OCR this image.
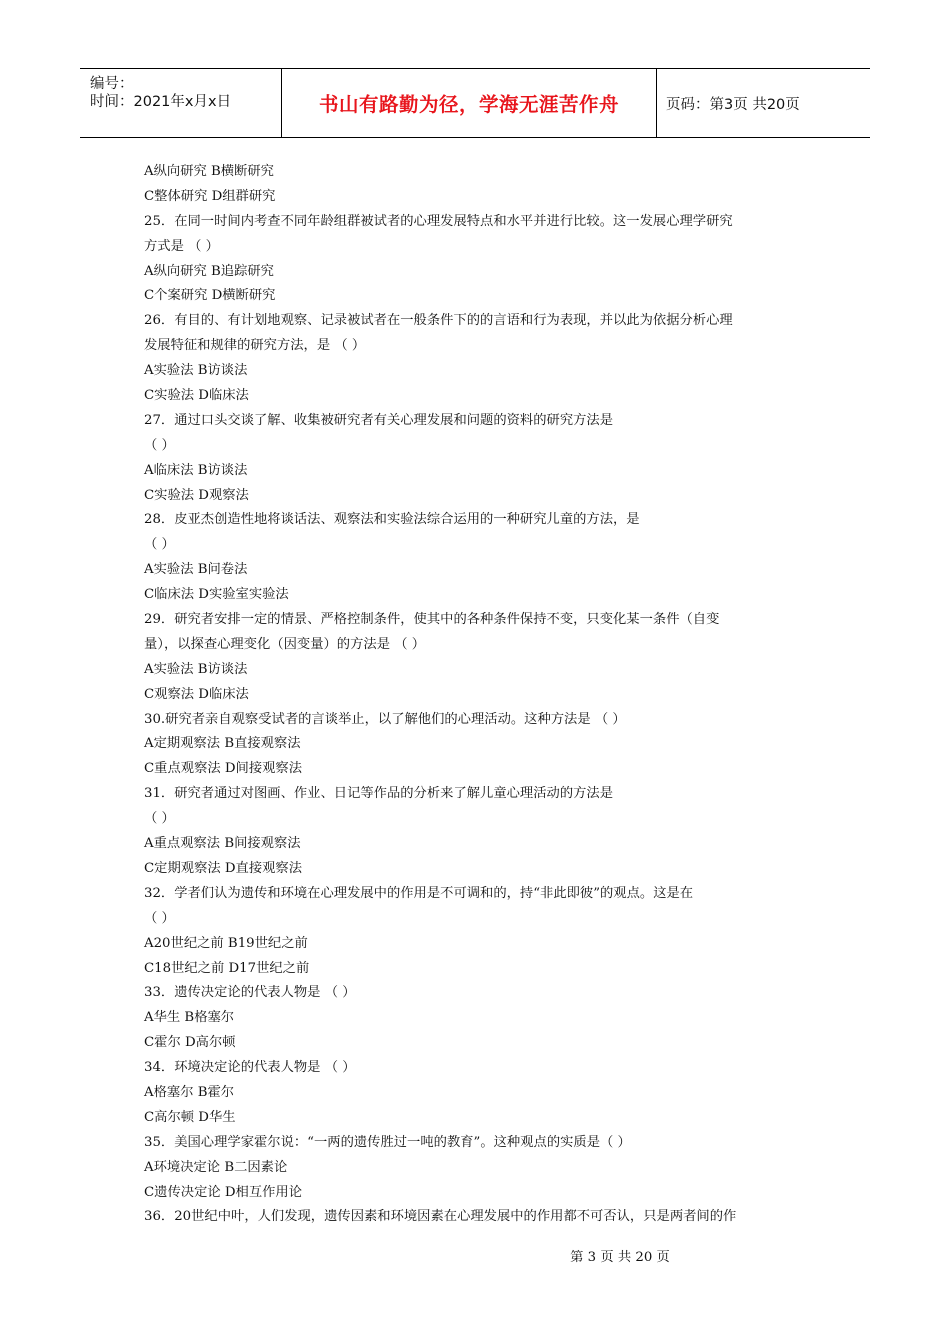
编号：
时间：2021年x月x日	书山有路勤为径，学海无涯苦作舟	页码：第3页 共20页
A纵向研究 B横断研究
C整体研究 D组群研究
25．在同一时间内考查不同年龄组群被试者的心理发展特点和水平并进行比较。这一发展心理学研究
方式是 （ ）
A纵向研究 B追踪研究
C个案研究 D横断研究
26．有目的、有计划地观察、记录被试者在一般条件下的的言语和行为表现，并以此为依据分析心理
发展特征和规律的研究方法，是 （ ）
A实验法 B访谈法
C实验法 D临床法
27．通过口头交谈了解、收集被研究者有关心理发展和问题的资料的研究方法是
（ ）
A临床法 B访谈法
C实验法 D观察法
28．皮亚杰创造性地将谈话法、观察法和实验法综合运用的一种研究儿童的方法，是
（ ）
A实验法 B问卷法
C临床法 D实验室实验法
29．研究者安排一定的情景、严格控制条件，使其中的各种条件保持不变，只变化某一条件（自变
量），以探查心理变化（因变量）的方法是 （ ）
A实验法 B访谈法
C观察法 D临床法
30.研究者亲自观察受试者的言谈举止，以了解他们的心理活动。这种方法是 （ ）
A定期观察法 B直接观察法
C重点观察法 D间接观察法
31．研究者通过对图画、作业、日记等作品的分析来了解儿童心理活动的方法是
（ ）
A重点观察法 B间接观察法
C定期观察法 D直接观察法
32．学者们认为遗传和环境在心理发展中的作用是不可调和的，持“非此即彼”的观点。这是在
（ ）
A20世纪之前 B19世纪之前
C18世纪之前 D17世纪之前
33．遗传决定论的代表人物是 （ ）
A华生 B格塞尔
C霍尔 D高尔顿
34．环境决定论的代表人物是 （ ）
A格塞尔 B霍尔
C高尔顿 D华生
35．美国心理学家霍尔说：“一两的遗传胜过一吨的教育”。这种观点的实质是（ ）
A环境决定论 B二因素论
C遗传决定论 D相互作用论
36．20世纪中叶，人们发现，遗传因素和环境因素在心理发展中的作用都不可否认，只是两者间的作
第 3 页 共 20 页
